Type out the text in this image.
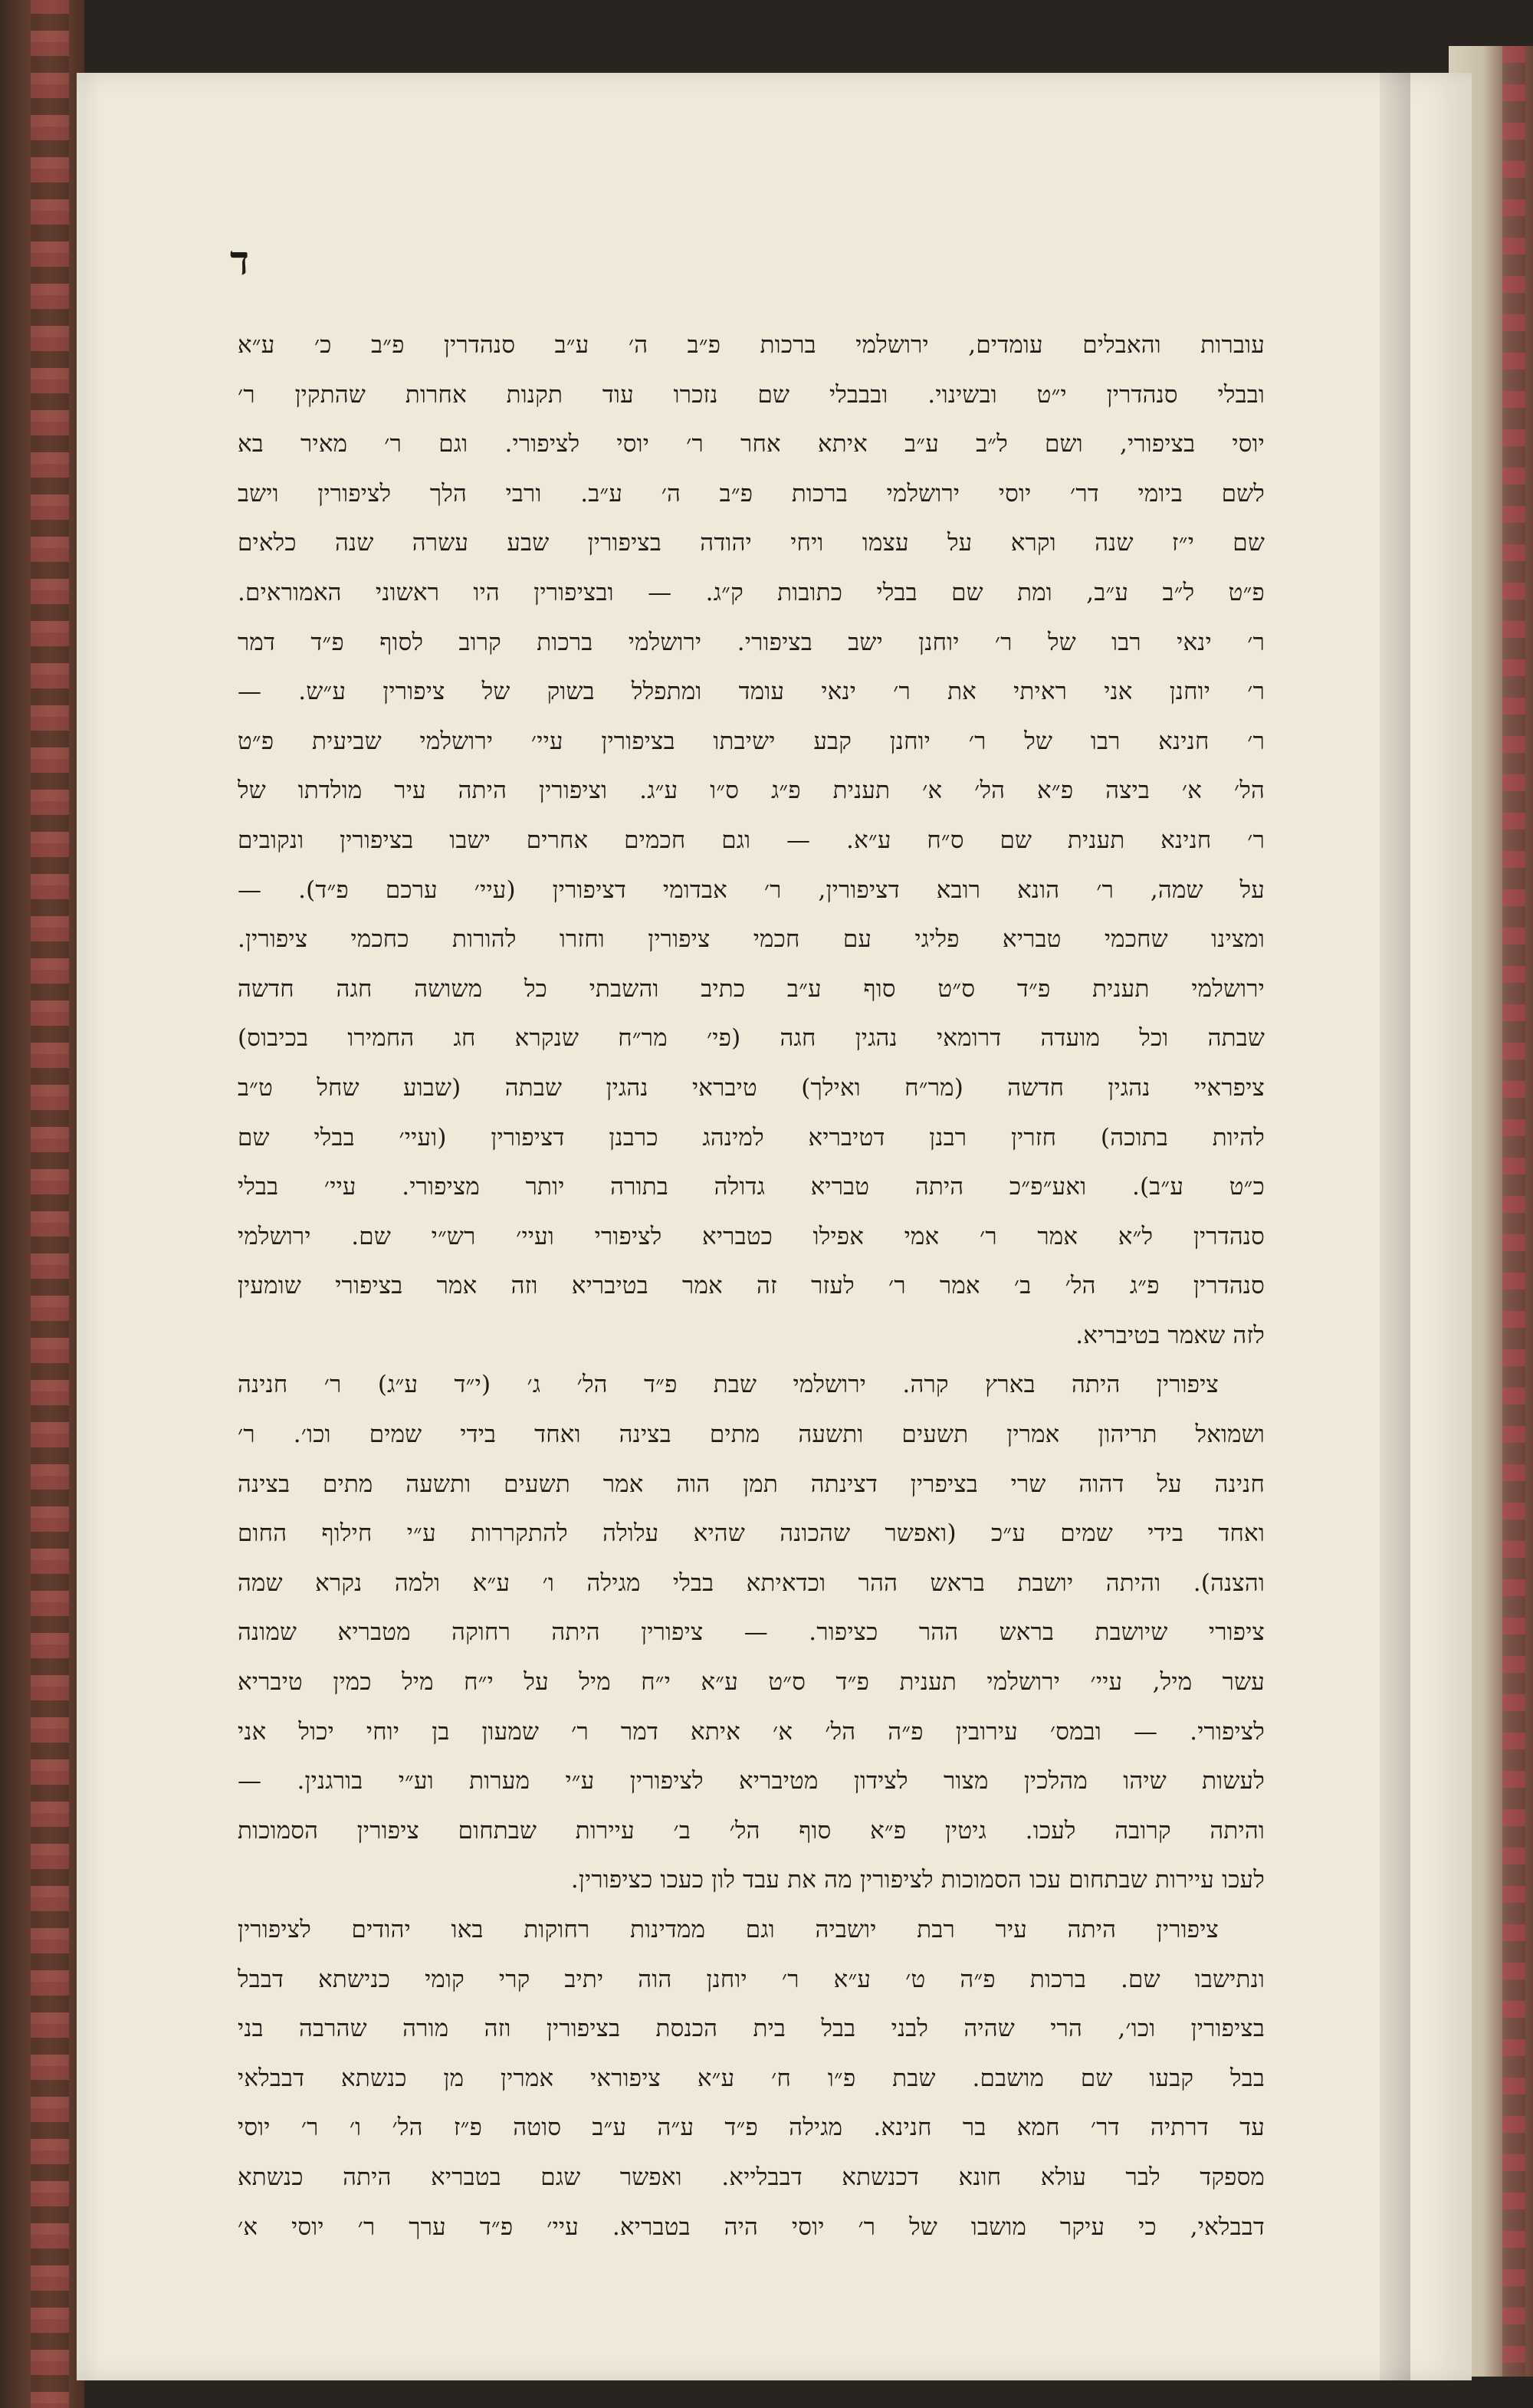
ד
עוברות והאבלים עומדים, ירושלמי ברכות פ״ב ה׳ ע״ב סנהדרין פ״ב כ׳ ע״א
ובבלי סנהדרין י״ט ובשינוי. ובבבלי שם נזכרו עוד תקנות אחרות שהתקין ר׳
יוסי בציפורי, ושם ל״ב ע״ב איתא אחר ר׳ יוסי לציפורי. וגם ר׳ מאיר בא
לשם ביומי דר׳ יוסי ירושלמי ברכות פ״ב ה׳ ע״ב. ורבי הלך לציפורין וישב
שם י״ז שנה וקרא על עצמו ויחי יהודה בציפורין שבע עשרה שנה כלאים
פ״ט ל״ב ע״ב, ומת שם בבלי כתובות ק״ג. — ובציפורין היו ראשוני האמוראים.
ר׳ ינאי רבו של ר׳ יוחנן ישב בציפורי. ירושלמי ברכות קרוב לסוף פ״ד דמר
ר׳ יוחנן אני ראיתי את ר׳ ינאי עומד ומתפלל בשוק של ציפורין ע״ש. —
ר׳ חנינא רבו של ר׳ יוחנן קבע ישיבתו בציפורין עיי׳ ירושלמי שביעית פ״ט
הל׳ א׳ ביצה פ״א הל׳ א׳ תענית פ״ג ס״ו ע״ג. וציפורין היתה עיר מולדתו של
ר׳ חנינא תענית שם ס״ח ע״א. — וגם חכמים אחרים ישבו בציפורין ונקובים
על שמה, ר׳ הונא רובא דציפורין, ר׳ אבדומי דציפורין (עיי׳ ערכם פ״ד). —
ומצינו שחכמי טבריא פליגי עם חכמי ציפורין וחזרו להורות כחכמי ציפורין.
ירושלמי תענית פ״ד ס״ט סוף ע״ב כתיב והשבתי כל משושה חגה חדשה
שבתה וכל מועדה דרומאי נהגין חגה (פי׳ מר״ח שנקרא חג החמירו בכיבוס)
ציפראיי נהגין חדשה (מר״ח ואילך) טיבראי נהגין שבתה (שבוע שחל ט״ב
להיות בתוכה) חזרין רבנן דטיבריא למינהג כרבנן דציפורין (ועיי׳ בבלי שם
כ״ט ע״ב). ואע״פ״כ היתה טבריא גדולה בתורה יותר מציפורי. עיי׳ בבלי
סנהדרין ל״א אמר ר׳ אמי אפילו כטבריא לציפורי ועיי׳ רש״י שם. ירושלמי
סנהדרין פ״ג הל׳ ב׳ אמר ר׳ לעזר זה אמר בטיבריא וזה אמר בציפורי שומעין
לזה שאמר בטיבריא.
ציפורין היתה בארץ קרה. ירושלמי שבת פ״ד הל׳ ג׳ (י״ד ע״ג) ר׳ חנינה
ושמואל תריהון אמרין תשעים ותשעה מתים בצינה ואחד בידי שמים וכו׳. ר׳
חנינה על דהוה שרי בציפרין דצינתה תמן הוה אמר תשעים ותשעה מתים בצינה
ואחד בידי שמים ע״כ (ואפשר שהכונה שהיא עלולה להתקררות ע״י חילוף החום
והצנה). והיתה יושבת בראש ההר וכדאיתא בבלי מגילה ו׳ ע״א ולמה נקרא שמה
ציפורי שיושבת בראש ההר כציפור. — ציפורין היתה רחוקה מטבריא שמונה
עשר מיל, עיי׳ ירושלמי תענית פ״ד ס״ט ע״א י״ח מיל על י״ח מיל כמין טיבריא
לציפורי. — ובמס׳ עירובין פ״ה הל׳ א׳ איתא דמר ר׳ שמעון בן יוחי יכול אני
לעשות שיהו מהלכין מצור לצידון מטיבריא לציפורין ע״י מערות וע״י בורגנין. —
והיתה קרובה לעכו. גיטין פ״א סוף הל׳ ב׳ עיירות שבתחום ציפורין הסמוכות
לעכו עיירות שבתחום עכו הסמוכות לציפורין מה את עבד לון כעכו כציפורין.
ציפורין היתה עיר רבת יושביה וגם ממדינות רחוקות באו יהודים לציפורין
ונתישבו שם. ברכות פ״ה ט׳ ע״א ר׳ יוחנן הוה יתיב קרי קומי כנישתא דבבל
בציפורין וכו׳, הרי שהיה לבני בבל בית הכנסת בציפורין וזה מורה שהרבה בני
בבל קבעו שם מושבם. שבת פ״ו ח׳ ע״א ציפוראי אמרין מן כנשתא דבבלאי
עד דרתיה דר׳ חמא בר חנינא. מגילה פ״ד ע״ה ע״ב סוטה פ״ז הל׳ ו׳ ר׳ יוסי
מספקד לבר עולא חונא דכנשתא דבבלייא. ואפשר שגם בטבריא היתה כנשתא
דבבלאי, כי עיקר מושבו של ר׳ יוסי היה בטבריא. עיי׳ פ״ד ערך ר׳ יוסי א׳
